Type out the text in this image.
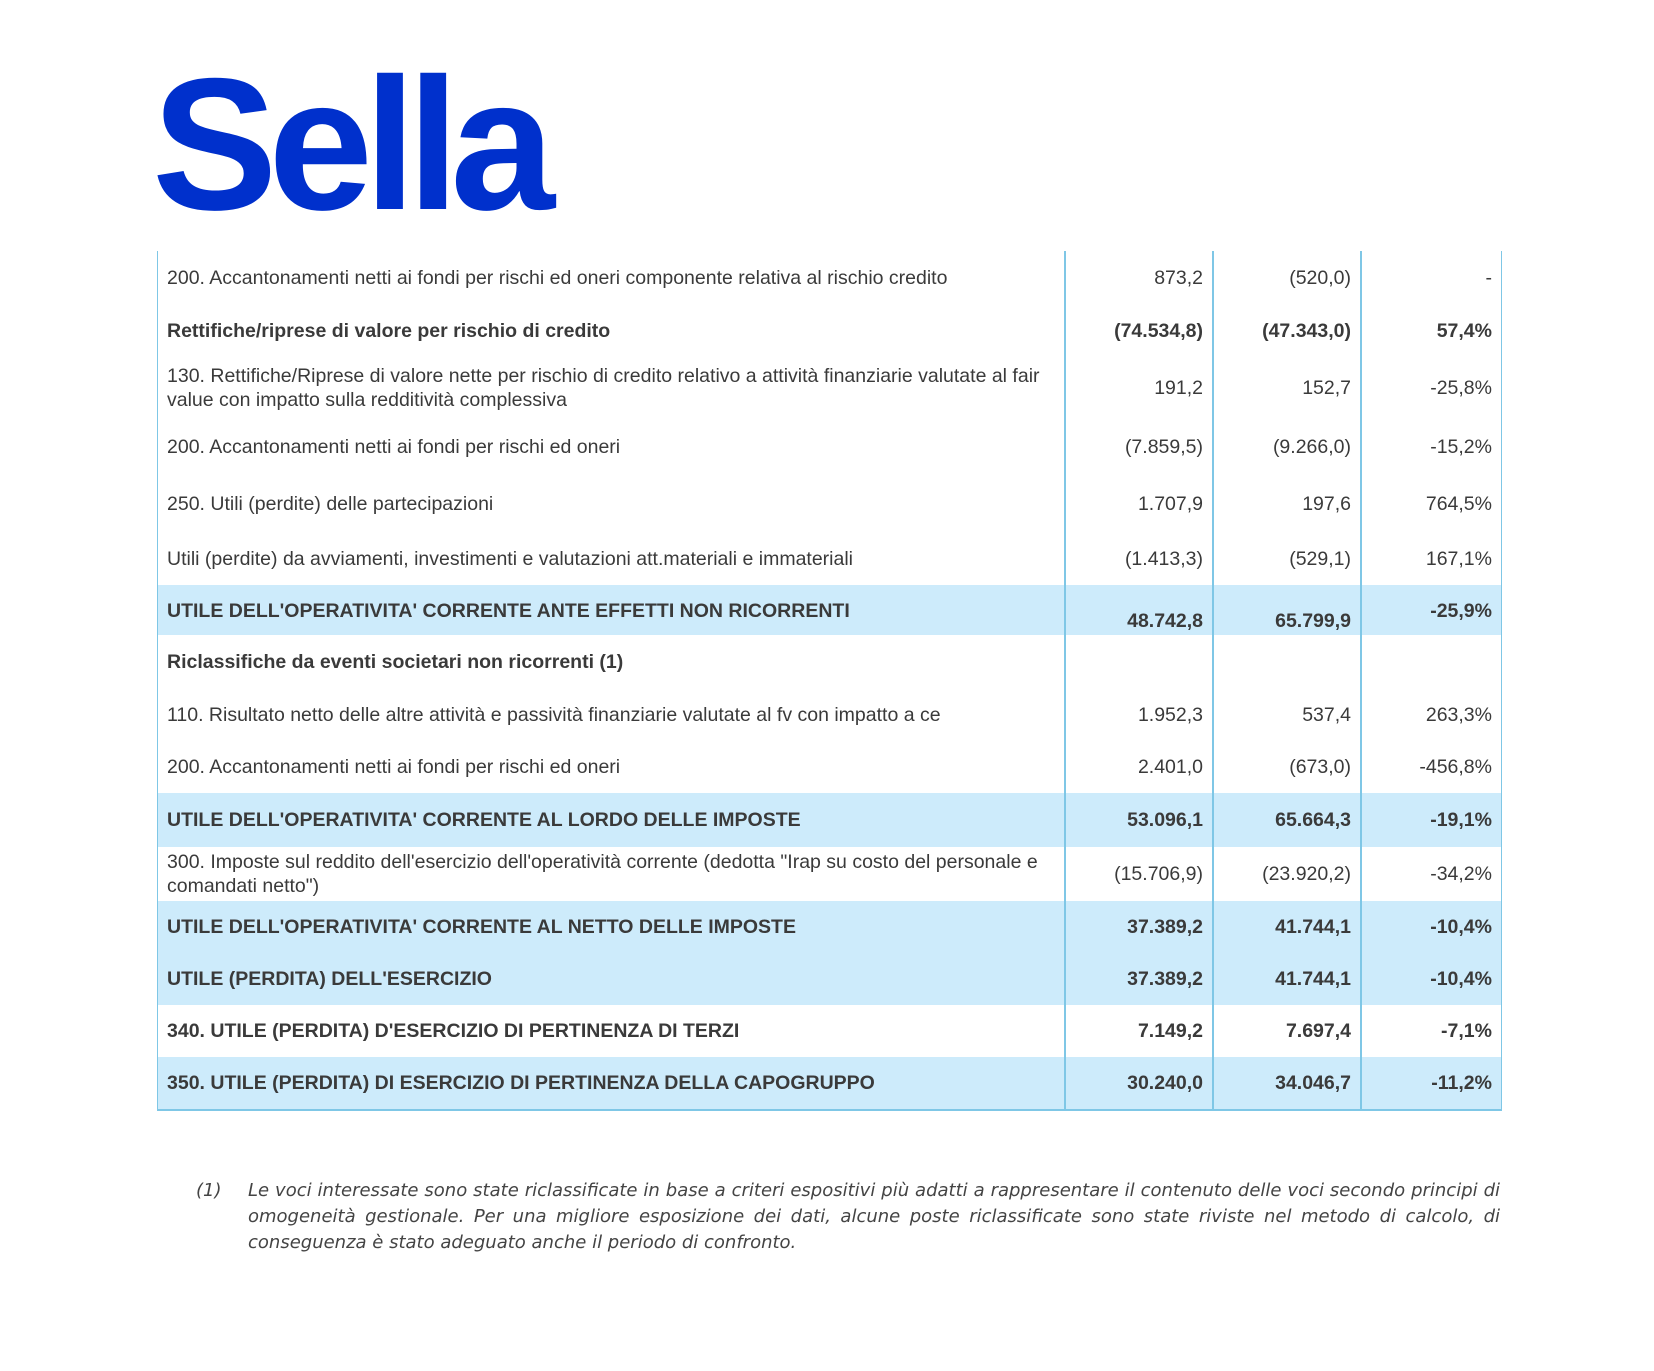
Sella
200. Accantonamenti netti ai fondi per rischi ed oneri componente relativa al rischio credito	873,2	(520,0)	-
Rettifiche/riprese di valore per rischio di credito	(74.534,8)	(47.343,0)	57,4%
130. Rettifiche/Riprese di valore nette per rischio di credito relativo a attività finanziarie valutate al fair value con impatto sulla redditività complessiva	191,2	152,7	-25,8%
200. Accantonamenti netti ai fondi per rischi ed oneri	(7.859,5)	(9.266,0)	-15,2%
250. Utili (perdite) delle partecipazioni	1.707,9	197,6	764,5%
Utili (perdite) da avviamenti, investimenti e valutazioni att.materiali e immateriali	(1.413,3)	(529,1)	167,1%
UTILE DELL'OPERATIVITA' CORRENTE ANTE EFFETTI NON RICORRENTI	48.742,8	65.799,9	-25,9%
Riclassifiche da eventi societari non ricorrenti (1)			
110. Risultato netto delle altre attività e passività finanziarie valutate al fv con impatto a ce	1.952,3	537,4	263,3%
200. Accantonamenti netti ai fondi per rischi ed oneri	2.401,0	(673,0)	-456,8%
UTILE DELL'OPERATIVITA' CORRENTE AL LORDO DELLE IMPOSTE	53.096,1	65.664,3	-19,1%
300. Imposte sul reddito dell'esercizio dell'operatività corrente (dedotta "Irap su costo del personale e comandati netto")	(15.706,9)	(23.920,2)	-34,2%
UTILE DELL'OPERATIVITA' CORRENTE AL NETTO DELLE IMPOSTE	37.389,2	41.744,1	-10,4%
UTILE (PERDITA) DELL'ESERCIZIO	37.389,2	41.744,1	-10,4%
340. UTILE (PERDITA) D'ESERCIZIO DI PERTINENZA DI TERZI	7.149,2	7.697,4	-7,1%
350. UTILE (PERDITA) DI ESERCIZIO DI PERTINENZA DELLA CAPOGRUPPO	30.240,0	34.046,7	-11,2%
(1) Le voci interessate sono state riclassificate in base a criteri espositivi più adatti a rappresentare il contenuto delle voci secondo principi di omogeneità gestionale. Per una migliore esposizione dei dati, alcune poste riclassificate sono state riviste nel metodo di calcolo, di conseguenza è stato adeguato anche il periodo di confronto.
